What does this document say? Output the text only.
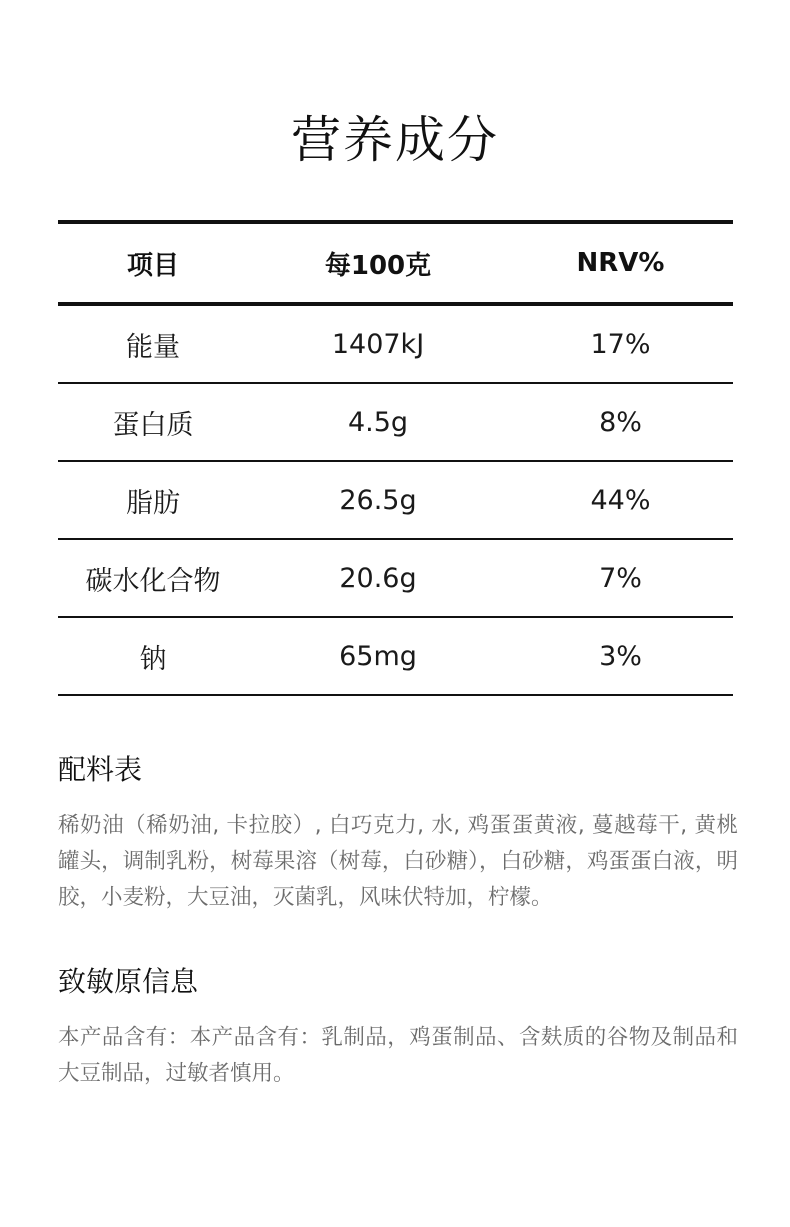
营养成分
项目	每100克	NRV%
能量	1407kJ	17%
蛋白质	4.5g	8%
脂肪	26.5g	44%
碳水化合物	20.6g	7%
钠	65mg	3%
配料表
稀奶油（稀奶油, 卡拉胶）, 白巧克力, 水, 鸡蛋蛋黄液, 蔓越莓干, 黄桃罐头，调制乳粉，树莓果溶（树莓，白砂糖），白砂糖，鸡蛋蛋白液，明胶，小麦粉，大豆油，灭菌乳，风味伏特加，柠檬。
致敏原信息
本产品含有：本产品含有：乳制品，鸡蛋制品、含麸质的谷物及制品和大豆制品，过敏者慎用。
